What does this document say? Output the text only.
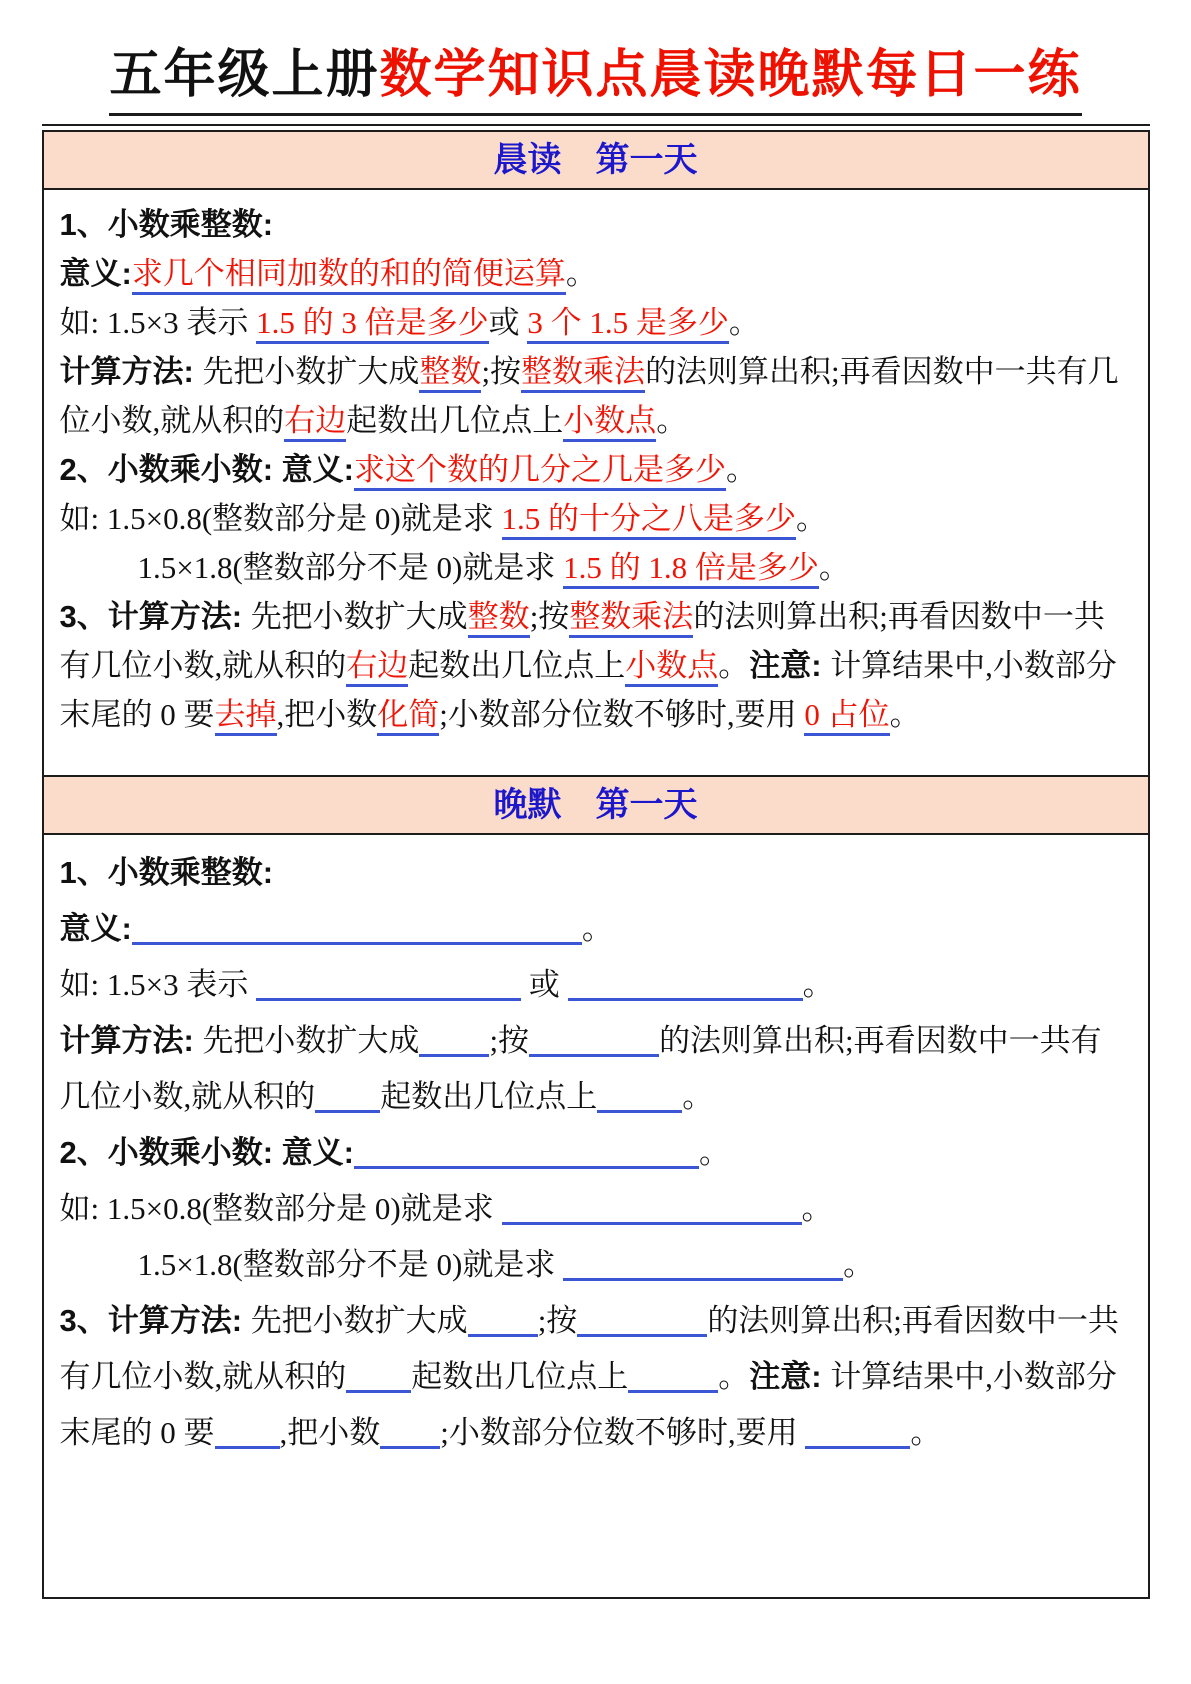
五年级上册数学知识点晨读晚默每日一练
晨读　第一天
1、小数乘整数:
意义:求几个相同加数的和的简便运算。
如: 1.5×3 表示 1.5 的 3 倍是多少或 3 个 1.5 是多少。
计算方法: 先把小数扩大成整数;按整数乘法的法则算出积;再看因数中一共有几位小数,就从积的右边起数出几位点上小数点。
2、小数乘小数: 意义:求这个数的几分之几是多少。
如: 1.5×0.8(整数部分是 0)就是求 1.5 的十分之八是多少。
1.5×1.8(整数部分不是 0)就是求 1.5 的 1.8 倍是多少。
3、计算方法: 先把小数扩大成整数;按整数乘法的法则算出积;再看因数中一共有几位小数,就从积的右边起数出几位点上小数点。注意: 计算结果中,小数部分末尾的 0 要去掉,把小数化简;小数部分位数不够时,要用 0 占位。
晚默　第一天
1、小数乘整数:
意义:	。
如: 1.5×3 表示	或	。
计算方法: 先把小数扩大成 ;按	的法则算出积;再看因数中一共有几位小数,就从积的 起数出几位点上	。
2、小数乘小数: 意义:	。
如: 1.5×0.8(整数部分是 0)就是求	。
1.5×1.8(整数部分不是 0)就是求	。
3、计算方法: 先把小数扩大成 ;按	的法则算出积;再看因数中一共有几位小数,就从积的 起数出几位点上	。注意: 计算结果中,小数部分末尾的 0 要 ,把小数 ;小数部分位数不够时,要用	。
